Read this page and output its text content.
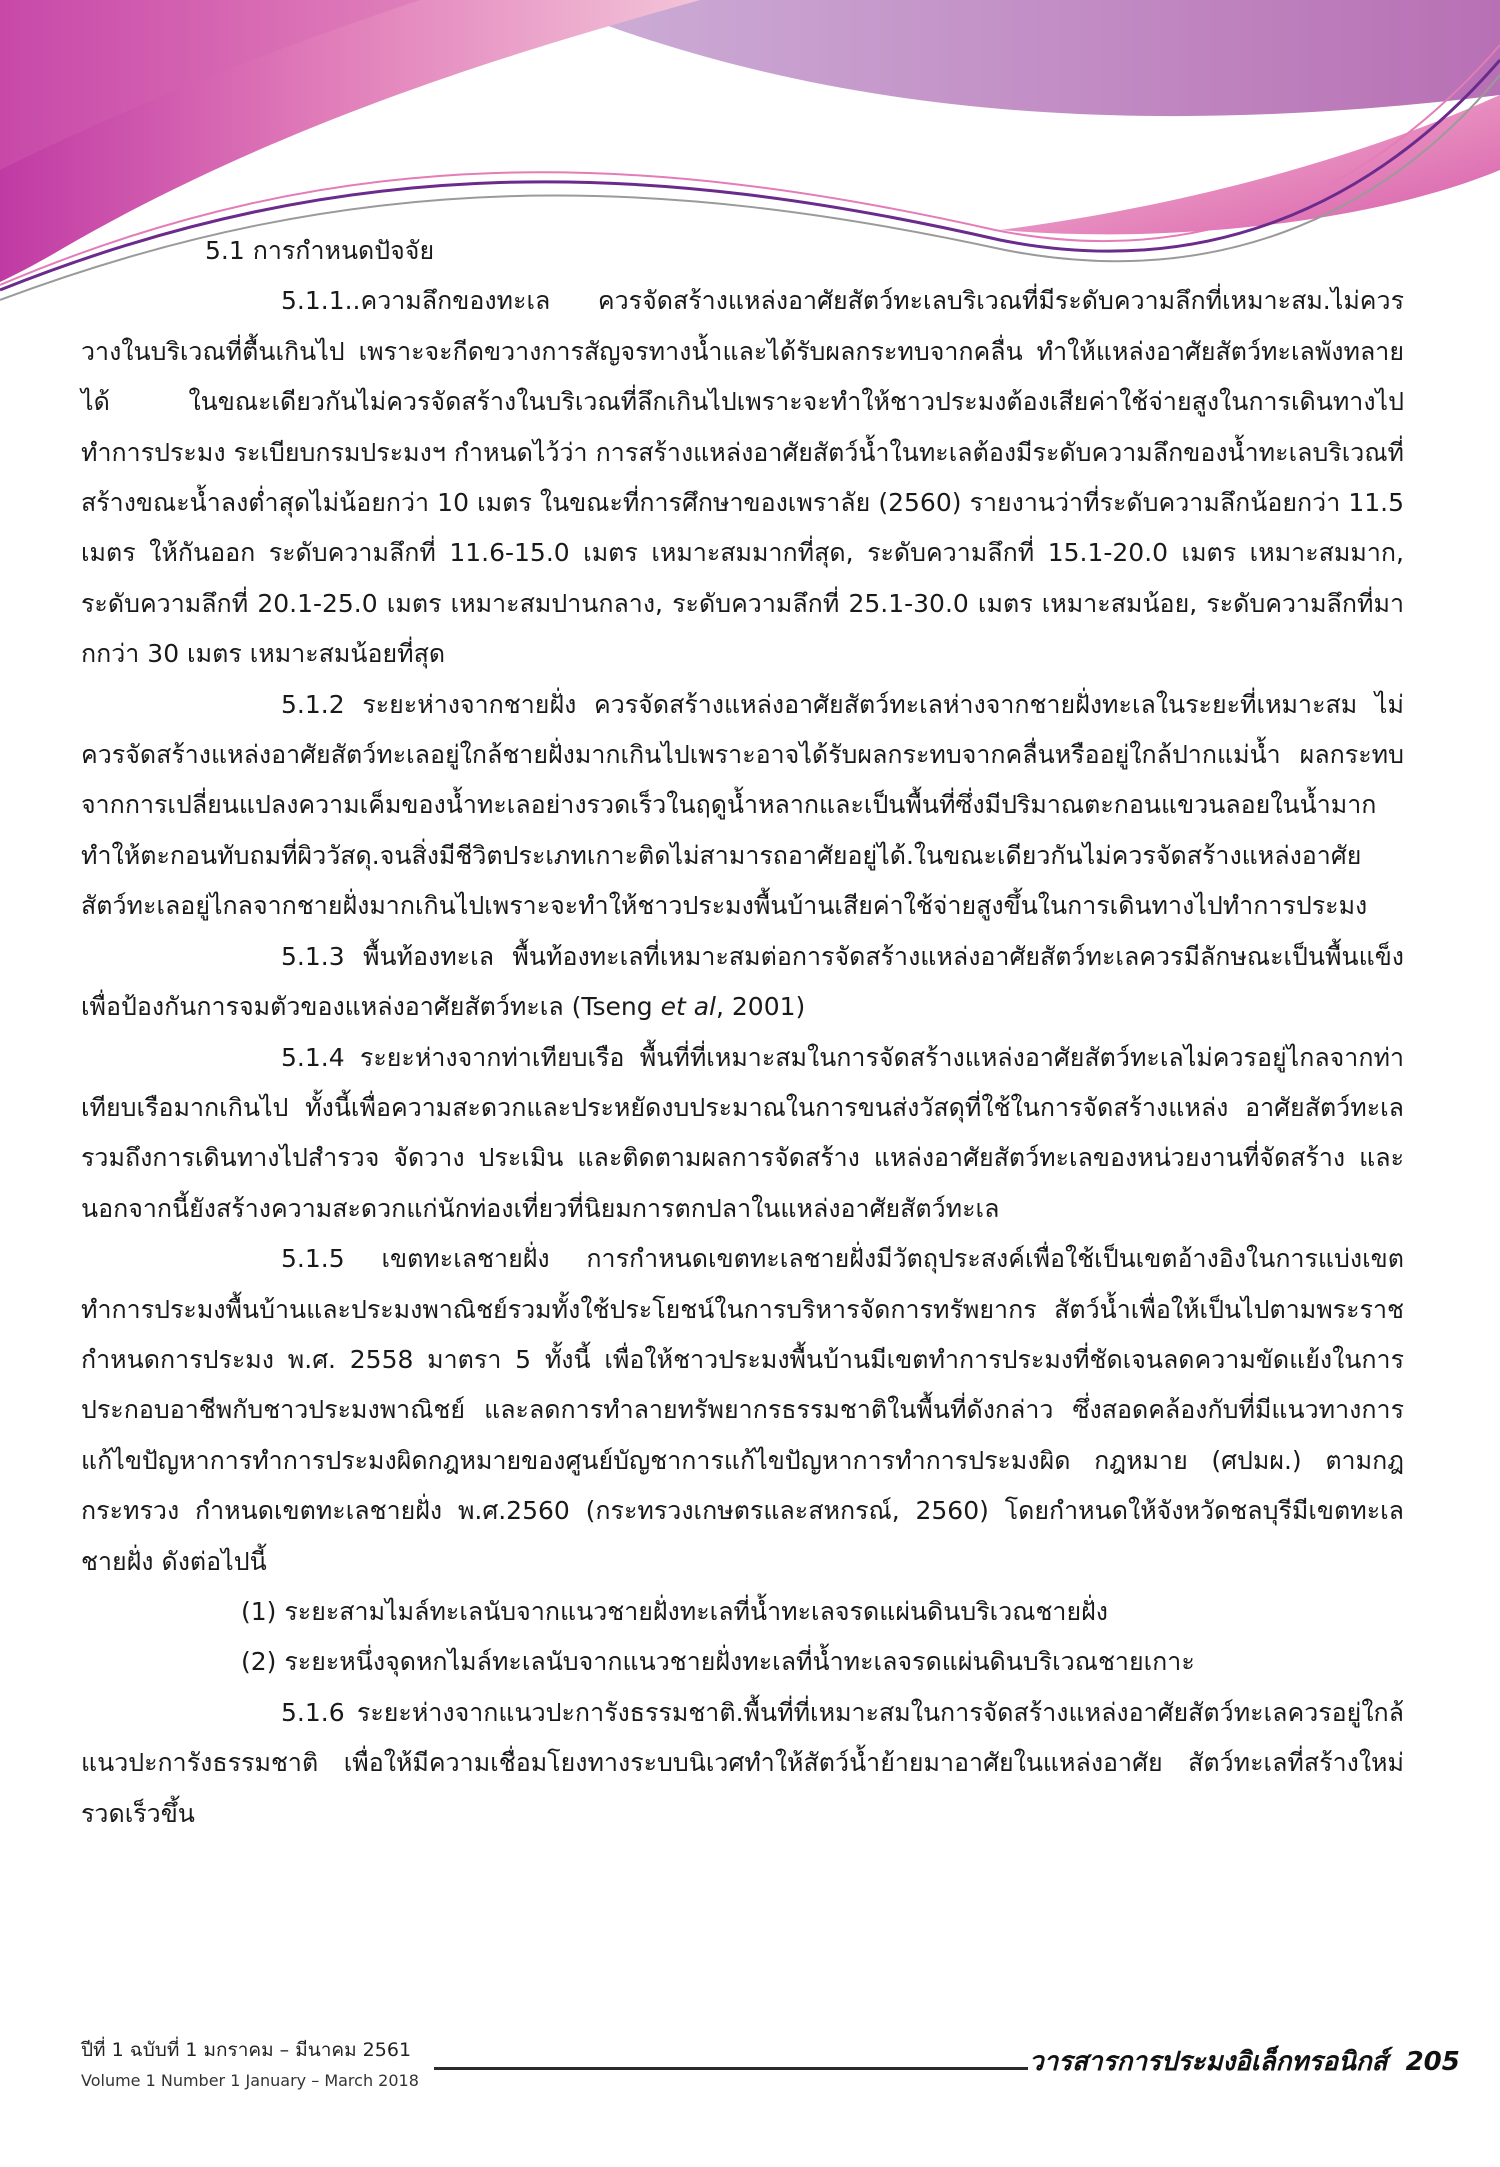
5.1 การกำหนดปัจจัย

5.1.1..ความลึกของทะเล ควรจัดสร้างแหล่งอาศัยสัตว์ทะเลบริเวณที่มีระดับความลึกที่เหมาะสม.ไม่ควรวางในบริเวณที่ตื้นเกินไป เพราะจะกีดขวางการสัญจรทางน้ำและได้รับผลกระทบจากคลื่น ทำให้แหล่งอาศัยสัตว์ทะเลพังทลายได้ ในขณะเดียวกันไม่ควรจัดสร้างในบริเวณที่ลึกเกินไปเพราะจะทำให้ชาวประมงต้องเสียค่าใช้จ่ายสูงในการเดินทางไปทำการประมง ระเบียบกรมประมงฯ กำหนดไว้ว่า การสร้างแหล่งอาศัยสัตว์น้ำในทะเลต้องมีระดับความลึกของน้ำทะเลบริเวณที่สร้างขณะน้ำลงต่ำสุดไม่น้อยกว่า 10 เมตร ในขณะที่การศึกษาของเพราลัย (2560) รายงานว่าที่ระดับความลึกน้อยกว่า 11.5 เมตร ให้กันออก ระดับความลึกที่ 11.6-15.0 เมตร เหมาะสมมากที่สุด, ระดับความลึกที่ 15.1-20.0 เมตร เหมาะสมมาก, ระดับความลึกที่ 20.1-25.0 เมตร เหมาะสมปานกลาง, ระดับความลึกที่ 25.1-30.0 เมตร เหมาะสมน้อย, ระดับความลึกที่มากกว่า 30 เมตร เหมาะสมน้อยที่สุด

5.1.2 ระยะห่างจากชายฝั่ง ควรจัดสร้างแหล่งอาศัยสัตว์ทะเลห่างจากชายฝั่งทะเลในระยะที่เหมาะสม ไม่ควรจัดสร้างแหล่งอาศัยสัตว์ทะเลอยู่ใกล้ชายฝั่งมากเกินไปเพราะอาจได้รับผลกระทบจากคลื่นหรืออยู่ใกล้ปากแม่น้ำ ผลกระทบจากการเปลี่ยนแปลงความเค็มของน้ำทะเลอย่างรวดเร็วในฤดูน้ำหลากและเป็นพื้นที่ซึ่งมีปริมาณตะกอนแขวนลอยในน้ำมากทำให้ตะกอนทับถมที่ผิววัสดุ.จนสิ่งมีชีวิตประเภทเกาะติดไม่สามารถอาศัยอยู่ได้.ในขณะเดียวกันไม่ควรจัดสร้างแหล่งอาศัยสัตว์ทะเลอยู่ไกลจากชายฝั่งมากเกินไปเพราะจะทำให้ชาวประมงพื้นบ้านเสียค่าใช้จ่ายสูงขึ้นในการเดินทางไปทำการประมง

5.1.3 พื้นท้องทะเล พื้นท้องทะเลที่เหมาะสมต่อการจัดสร้างแหล่งอาศัยสัตว์ทะเลควรมีลักษณะเป็นพื้นแข็ง เพื่อป้องกันการจมตัวของแหล่งอาศัยสัตว์ทะเล (Tseng et al, 2001)

5.1.4 ระยะห่างจากท่าเทียบเรือ พื้นที่ที่เหมาะสมในการจัดสร้างแหล่งอาศัยสัตว์ทะเลไม่ควรอยู่ไกลจากท่าเทียบเรือมากเกินไป ทั้งนี้เพื่อความสะดวกและประหยัดงบประมาณในการขนส่งวัสดุที่ใช้ในการจัดสร้างแหล่ง อาศัยสัตว์ทะเลรวมถึงการเดินทางไปสำรวจ จัดวาง ประเมิน และติดตามผลการจัดสร้าง แหล่งอาศัยสัตว์ทะเลของหน่วยงานที่จัดสร้าง และนอกจากนี้ยังสร้างความสะดวกแก่นักท่องเที่ยวที่นิยมการตกปลาในแหล่งอาศัยสัตว์ทะเล

5.1.5 เขตทะเลชายฝั่ง การกำหนดเขตทะเลชายฝั่งมีวัตถุประสงค์เพื่อใช้เป็นเขตอ้างอิงในการแบ่งเขตทำการประมงพื้นบ้านและประมงพาณิชย์รวมทั้งใช้ประโยชน์ในการบริหารจัดการทรัพยากร สัตว์น้ำเพื่อให้เป็นไปตามพระราชกำหนดการประมง พ.ศ. 2558 มาตรา 5 ทั้งนี้ เพื่อให้ชาวประมงพื้นบ้านมีเขตทำการประมงที่ชัดเจนลดความขัดแย้งในการประกอบอาชีพกับชาวประมงพาณิชย์ และลดการทำลายทรัพยากรธรรมชาติในพื้นที่ดังกล่าว ซึ่งสอดคล้องกับที่มีแนวทางการแก้ไขปัญหาการทำการประมงผิดกฎหมายของศูนย์บัญชาการแก้ไขปัญหาการทำการประมงผิด กฎหมาย (ศปมผ.) ตามกฎกระทรวง กำหนดเขตทะเลชายฝั่ง พ.ศ.2560 (กระทรวงเกษตรและสหกรณ์, 2560) โดยกำหนดให้จังหวัดชลบุรีมีเขตทะเลชายฝั่ง ดังต่อไปนี้

(1) ระยะสามไมล์ทะเลนับจากแนวชายฝั่งทะเลที่น้ำทะเลจรดแผ่นดินบริเวณชายฝั่ง

(2) ระยะหนึ่งจุดหกไมล์ทะเลนับจากแนวชายฝั่งทะเลที่น้ำทะเลจรดแผ่นดินบริเวณชายเกาะ

5.1.6 ระยะห่างจากแนวปะการังธรรมชาติ.พื้นที่ที่เหมาะสมในการจัดสร้างแหล่งอาศัยสัตว์ทะเลควรอยู่ใกล้แนวปะการังธรรมชาติ เพื่อให้มีความเชื่อมโยงทางระบบนิเวศทำให้สัตว์น้ำย้ายมาอาศัยในแหล่งอาศัย สัตว์ทะเลที่สร้างใหม่รวดเร็วขึ้น

ปีที่ 1 ฉบับที่ 1 มกราคม – มีนาคม 2561
Volume 1 Number 1 January – March 2018
วารสารการประมงอิเล็กทรอนิกส์ 205
